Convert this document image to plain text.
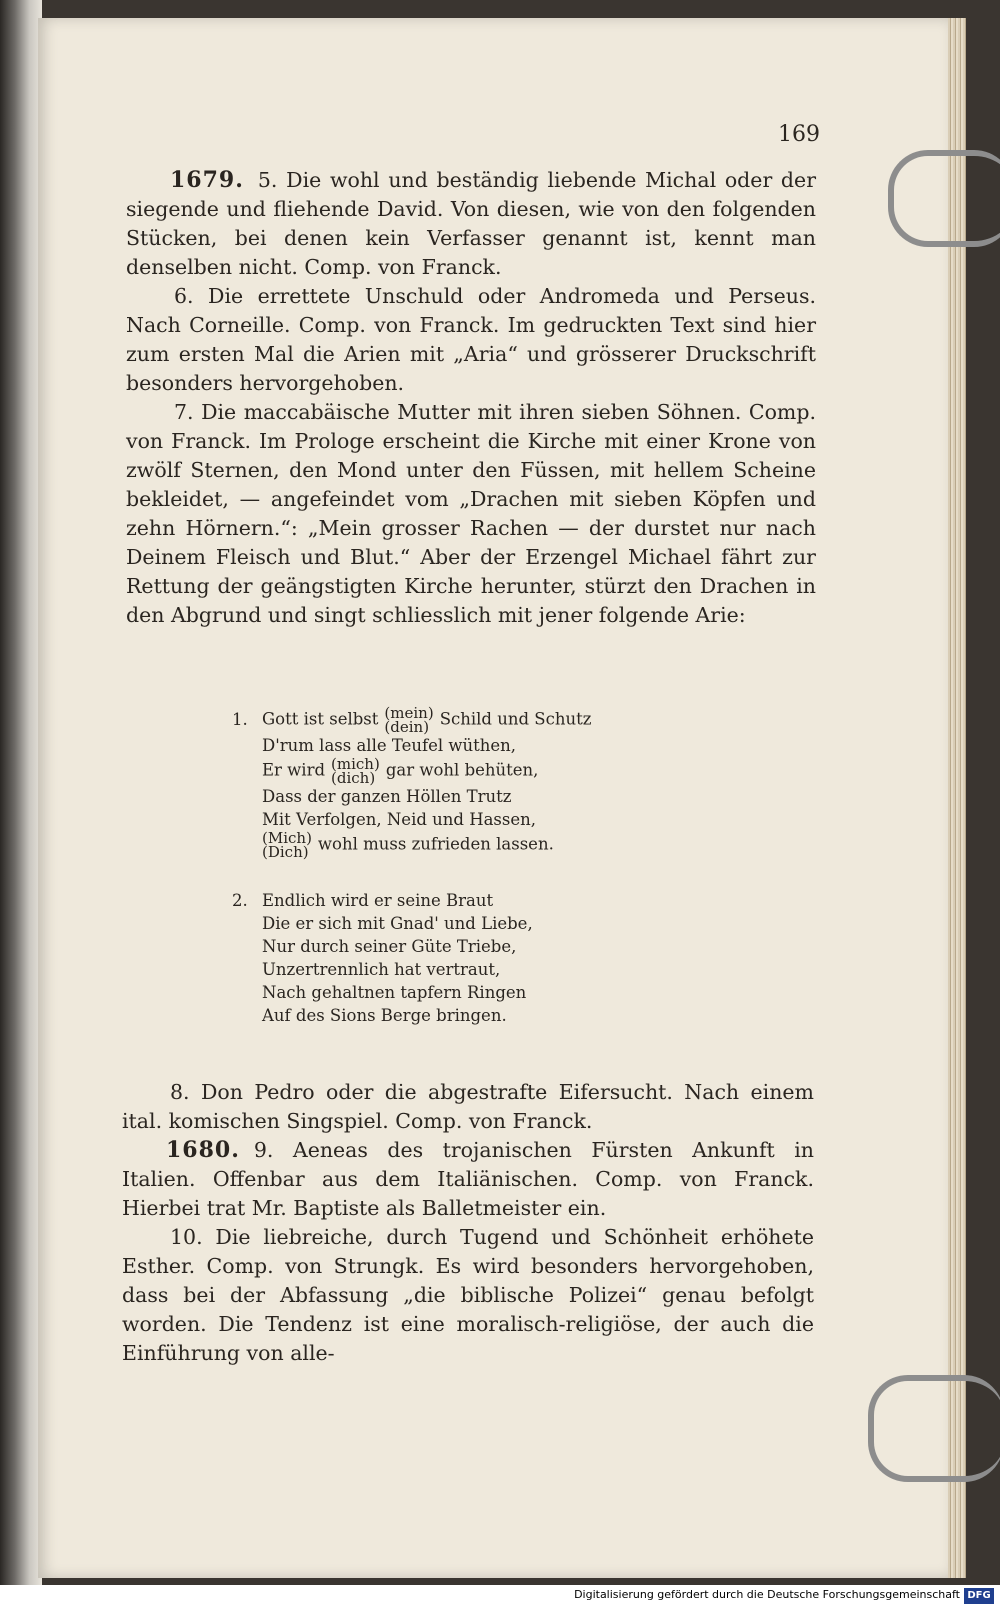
169

1679. 5. Die wohl und beständig liebende Michal oder der siegende und fliehende David. Von diesen, wie von den folgenden Stücken, bei denen kein Verfasser genannt ist, kennt man denselben nicht. Comp. von Franck.

6. Die errettete Unschuld oder Andromeda und Perseus. Nach Corneille. Comp. von Franck. Im gedruckten Text sind hier zum ersten Mal die Arien mit „Aria“ und grösserer Druckschrift besonders hervorgehoben.

7. Die maccabäische Mutter mit ihren sieben Söhnen. Comp. von Franck. Im Prologe erscheint die Kirche mit einer Krone von zwölf Sternen, den Mond unter den Füssen, mit hellem Scheine bekleidet, — angefeindet vom „Drachen mit sieben Köpfen und zehn Hörnern.“: „Mein grosser Rachen — der durstet nur nach Deinem Fleisch und Blut.“ Aber der Erzengel Michael fährt zur Rettung der geängstigten Kirche herunter, stürzt den Drachen in den Abgrund und singt schliesslich mit jener folgende Arie:

1. Gott ist selbst (mein)
(dein) Schild und Schutz

D'rum lass alle Teufel wüthen,

Er wird (mich)
(dich) gar wohl behüten,

Dass der ganzen Höllen Trutz

Mit Verfolgen, Neid und Hassen,

(Mich)
(Dich) wohl muss zufrieden lassen.

2. Endlich wird er seine Braut

Die er sich mit Gnad' und Liebe,

Nur durch seiner Güte Triebe,

Unzertrennlich hat vertraut,

Nach gehaltnen tapfern Ringen

Auf des Sions Berge bringen.

8. Don Pedro oder die abgestrafte Eifersucht. Nach einem ital. komischen Singspiel. Comp. von Franck.

1680. 9. Aeneas des trojanischen Fürsten Ankunft in Italien. Offenbar aus dem Italiänischen. Comp. von Franck. Hierbei trat Mr. Baptiste als Balletmeister ein.

10. Die liebreiche, durch Tugend und Schönheit erhöhete Esther. Comp. von Strungk. Es wird besonders hervorgehoben, dass bei der Abfassung „die biblische Polizei“ genau befolgt worden. Die Tendenz ist eine moralisch-religiöse, der auch die Einführung von alle-

Digitalisierung gefördert durch die Deutsche Forschungsgemeinschaft DFG
